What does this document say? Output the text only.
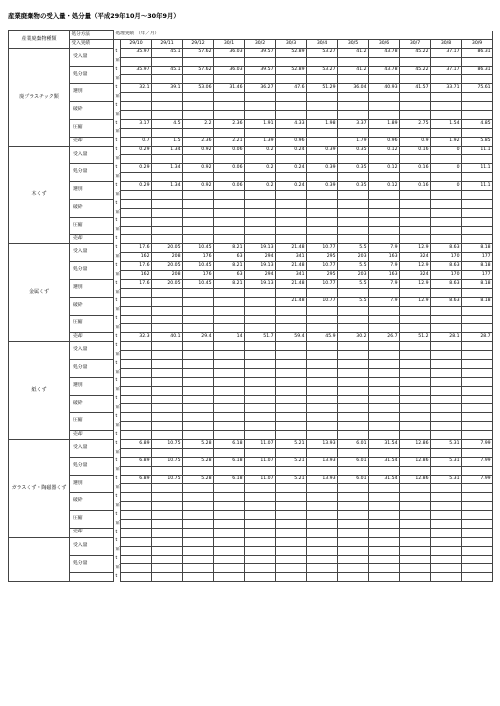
産業廃棄物の受入量・処分量（平成29年10月～30年9月）
産業廃棄物種類	処分方法	処理実績　（年／月）												
	受入実績		29/10	29/11	29/12	30/1	30/2	30/3	30/4	30/5	30/6	30/7	30/8	30/9
廃プラスチック類	受入量	t	35.97	45.1	57.62	36.03	39.57	52.89	53.27	41.2	43.78	45.22	37.17	86.31
		㎥												
	処分量	t	35.97	45.1	57.62	36.03	39.57	52.89	53.27	41.2	43.78	45.22	37.17	86.31
		㎥												
	選別	t	32.1	39.1	53.06	31.46	36.27	47.6	51.29	36.04	40.93	41.57	33.71	75.61
		㎥												
	破砕	t												
		㎥												
	圧縮	t	3.17	4.5	2.2	2.36	1.91	4.33	1.98	3.37	1.89	2.75	1.54	4.85
		㎥												
	売却	t	0.7	1.5	2.36	2.21	1.39	0.96		1.79	0.96	0.9	1.92	5.85
木くず	受入量	t	0.29	1.34	0.92	0.06	0.2	0.24	0.39	0.35	0.12	0.16	0	11.1
		㎥												
	処分量	t	0.29	1.34	0.92	0.06	0.2	0.24	0.39	0.35	0.12	0.16	0	11.1
		㎥												
	選別	t	0.29	1.34	0.92	0.06	0.2	0.24	0.39	0.35	0.12	0.16	0	11.1
		㎥												
	破砕	t												
		㎥												
	圧縮	t												
		㎥												
	売却	t												
金属くず	受入量	t	17.6	20.05	10.45	8.21	19.13	21.48	10.77	5.5	7.9	12.9	8.63	8.18
		㎥	162	208	176	63	294	341	295	203	163	324	170	177
	処分量	t	17.6	20.05	10.45	8.21	19.13	21.48	10.77	5.5	7.9	12.9	8.63	8.18
		㎥	162	208	176	63	294	341	295	203	163	324	170	177
	選別	t	17.6	20.05	10.45	8.21	19.13	21.48	10.77	5.5	7.9	12.9	8.63	8.18
		㎥												
	破砕	t						21.48	10.77	5.5	7.9	12.9	8.63	8.18
		㎥												
	圧縮	t												
		㎥												
	売却	t	32.3	40.1	29.4	14	51.7	59.4	45.9	30.2	26.7	51.2	28.1	28.7
紙くず	受入量	t												
		㎥												
	処分量	t												
		㎥												
	選別	t												
		㎥												
	破砕	t												
		㎥												
	圧縮	t												
		㎥												
	売却	t												
ガラスくず・陶磁器くず	受入量	t	6.89	10.75	5.28	6.18	11.07	5.21	13.93	6.01	31.54	12.86	5.31	7.99
		㎥												
	処分量	t	6.89	10.75	5.28	6.18	11.07	5.21	13.93	6.01	31.54	12.86	5.31	7.99
		㎥												
	選別	t	6.89	10.75	5.28	6.18	11.07	5.21	13.93	6.01	31.54	12.86	5.31	7.99
		㎥												
	破砕	t												
		㎥												
	圧縮	t												
		㎥												
	売却	t												
	受入量	t												
		㎥												
	処分量	t												
		㎥												
		t												
